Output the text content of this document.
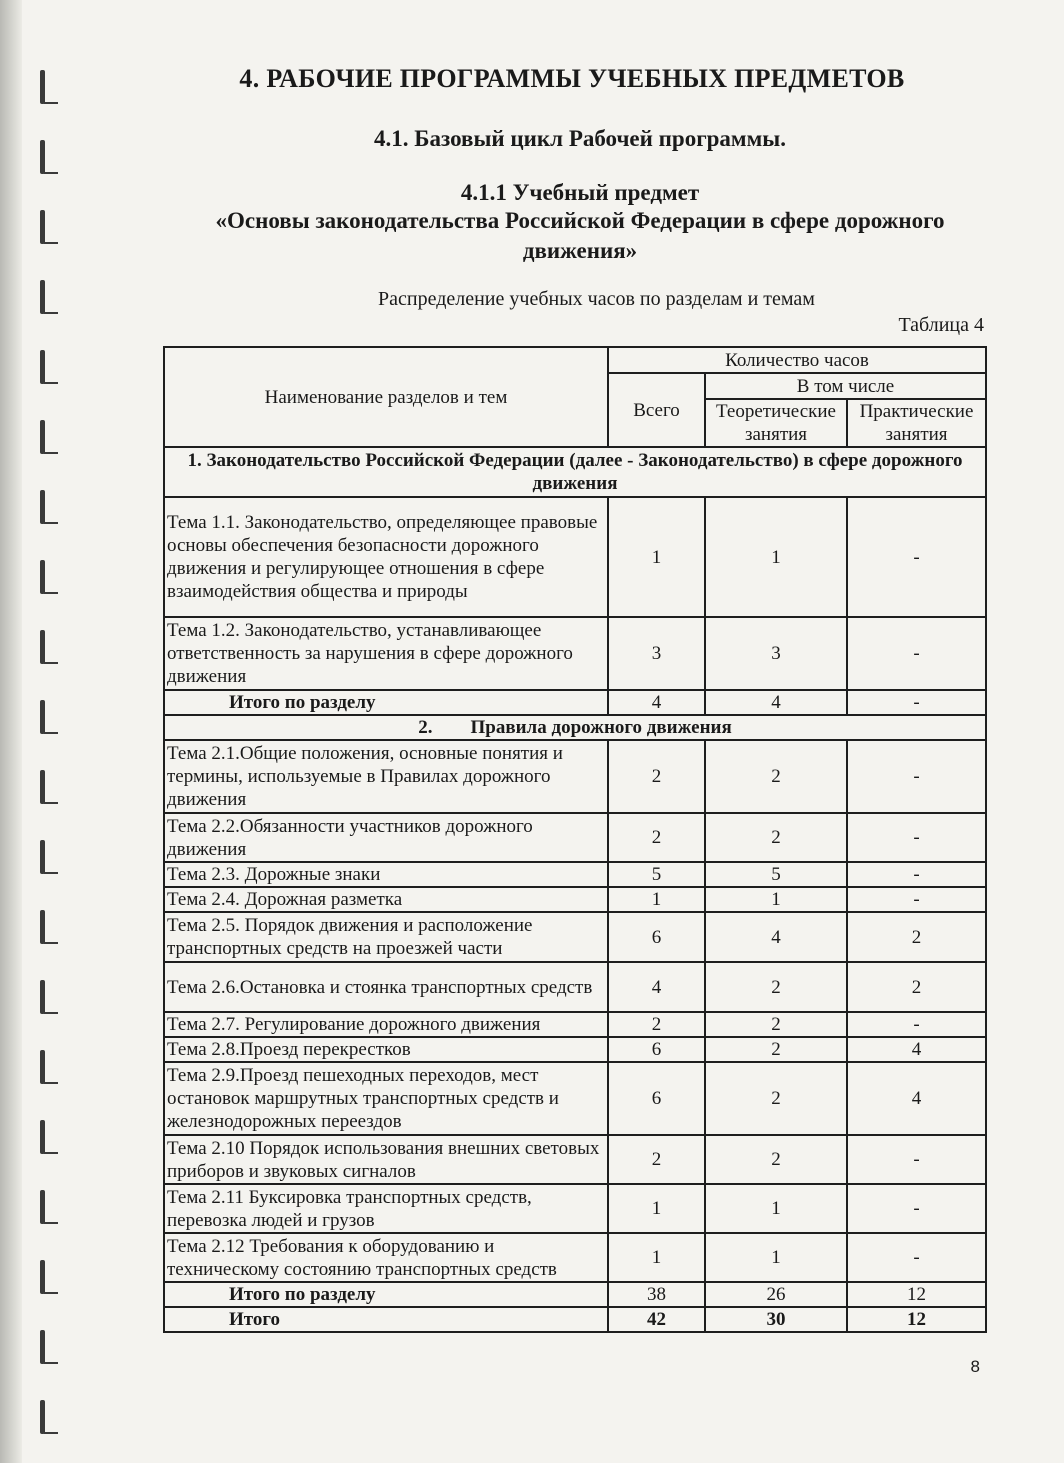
4. РАБОЧИЕ ПРОГРАММЫ УЧЕБНЫХ ПРЕДМЕТОВ
4.1. Базовый цикл Рабочей программы.
4.1.1 Учебный предмет
«Основы законодательства Российской Федерации в сфере дорожного
движения»
Распределение учебных часов по разделам и темам
Таблица 4
Наименование разделов и тем	Количество часов		
	Всего	В том числе	
		Теоретические занятия	Практические занятия
1. Законодательство Российской Федерации (далее - Законодательство) в сфере дорожного движения			
Тема 1.1. Законодательство, определяющее правовые основы обеспечения безопасности дорожного движения и регулирующее отношения в сфере взаимодействия общества и природы	1	1	-
Тема 1.2. Законодательство, устанавливающее ответственность за нарушения в сфере дорожного движения	3	3	-
Итого по разделу	4	4	-
2.        Правила дорожного движения			
Тема 2.1.Общие положения, основные понятия и термины, используемые в Правилах дорожного движения	2	2	-
Тема 2.2.Обязанности участников дорожного движения	2	2	-
Тема 2.3. Дорожные знаки	5	5	-
Тема 2.4. Дорожная разметка	1	1	-
Тема 2.5. Порядок движения и расположение транспортных средств на проезжей части	6	4	2
Тема 2.6.Остановка и стоянка транспортных средств	4	2	2
Тема 2.7. Регулирование дорожного движения	2	2	-
Тема 2.8.Проезд перекрестков	6	2	4
Тема 2.9.Проезд пешеходных переходов, мест остановок маршрутных транспортных средств и железнодорожных переездов	6	2	4
Тема 2.10 Порядок использования внешних световых приборов и звуковых сигналов	2	2	-
Тема 2.11 Буксировка транспортных средств, перевозка людей и грузов	1	1	-
Тема 2.12 Требования к оборудованию и техническому состоянию транспортных средств	1	1	-
Итого по разделу	38	26	12
Итого	42	30	12
8
